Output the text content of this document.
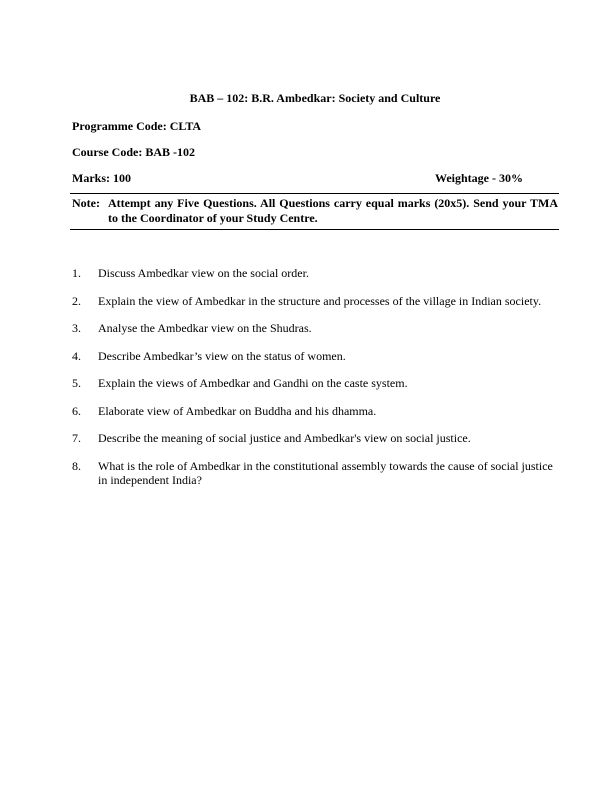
BAB – 102: B.R. Ambedkar: Society and Culture
Programme Code: CLTA
Course Code: BAB -102
Marks: 100	Weightage - 30%
Note: Attempt any Five Questions. All Questions carry equal marks (20x5). Send your TMA to the Coordinator of your Study Centre.
1.	Discuss Ambedkar view on the social order.
2.	Explain the view of Ambedkar in the structure and processes of the village in Indian society.
3.	Analyse the Ambedkar view on the Shudras.
4.	Describe Ambedkar’s view on the status of women.
5.	Explain the views of Ambedkar and Gandhi on the caste system.
6.	Elaborate view of Ambedkar on Buddha and his dhamma.
7.	Describe the meaning of social justice and Ambedkar's view on social justice.
8.	What is the role of Ambedkar in the constitutional assembly towards the cause of social justice in independent India?
